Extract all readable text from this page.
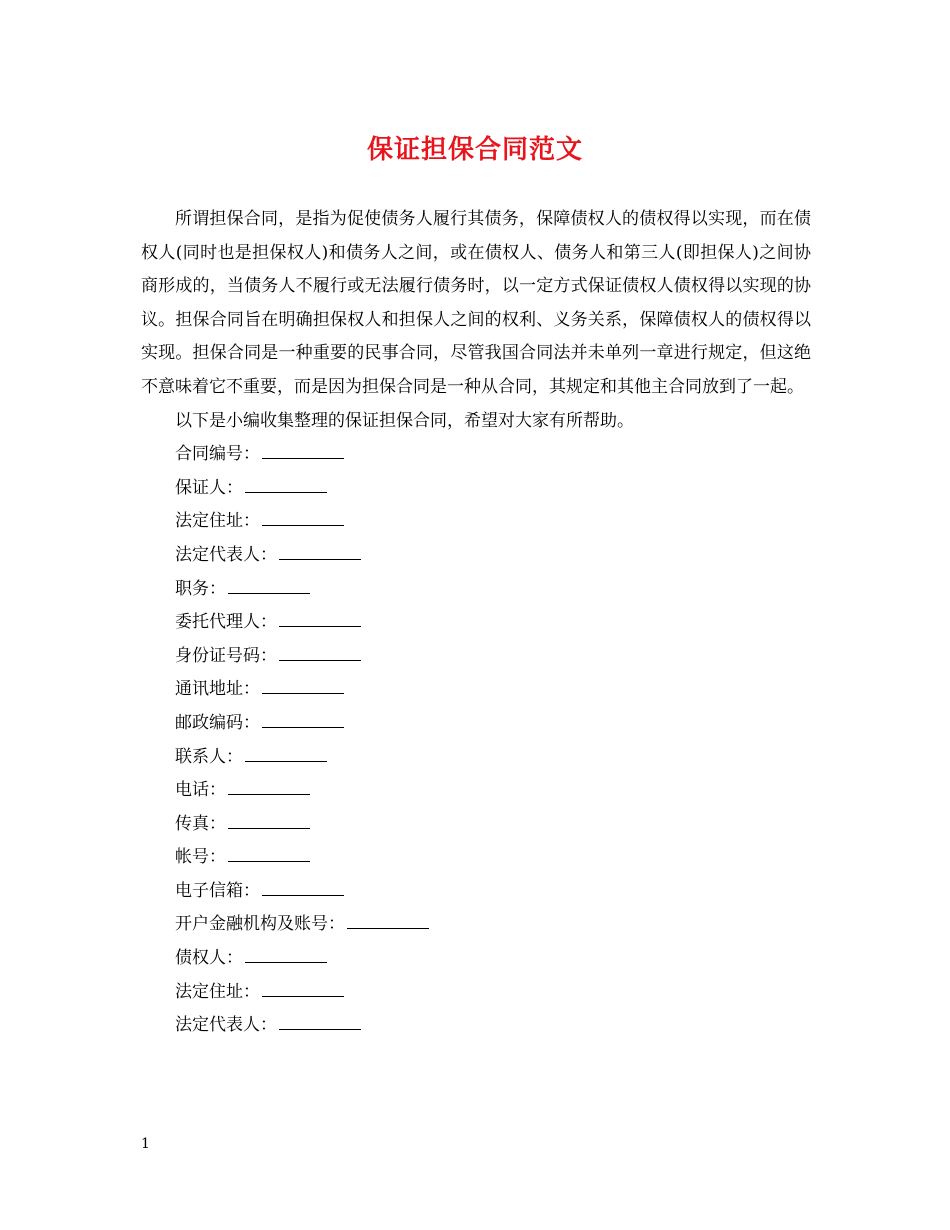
保证担保合同范文

所谓担保合同，是指为促使债务人履行其债务，保障债权人的债权得以实现，而在债权人(同时也是担保权人)和债务人之间，或在债权人、债务人和第三人(即担保人)之间协商形成的，当债务人不履行或无法履行债务时，以一定方式保证债权人债权得以实现的协议。担保合同旨在明确担保权人和担保人之间的权利、义务关系，保障债权人的债权得以实现。担保合同是一种重要的民事合同，尽管我国合同法并未单列一章进行规定，但这绝不意味着它不重要，而是因为担保合同是一种从合同，其规定和其他主合同放到了一起。

以下是小编收集整理的保证担保合同，希望对大家有所帮助。

合同编号：
保证人：
法定住址：
法定代表人：
职务：
委托代理人：
身份证号码：
通讯地址：
邮政编码：
联系人：
电话：
传真：
帐号：
电子信箱：
开户金融机构及账号：
债权人：
法定住址：
法定代表人：
1
